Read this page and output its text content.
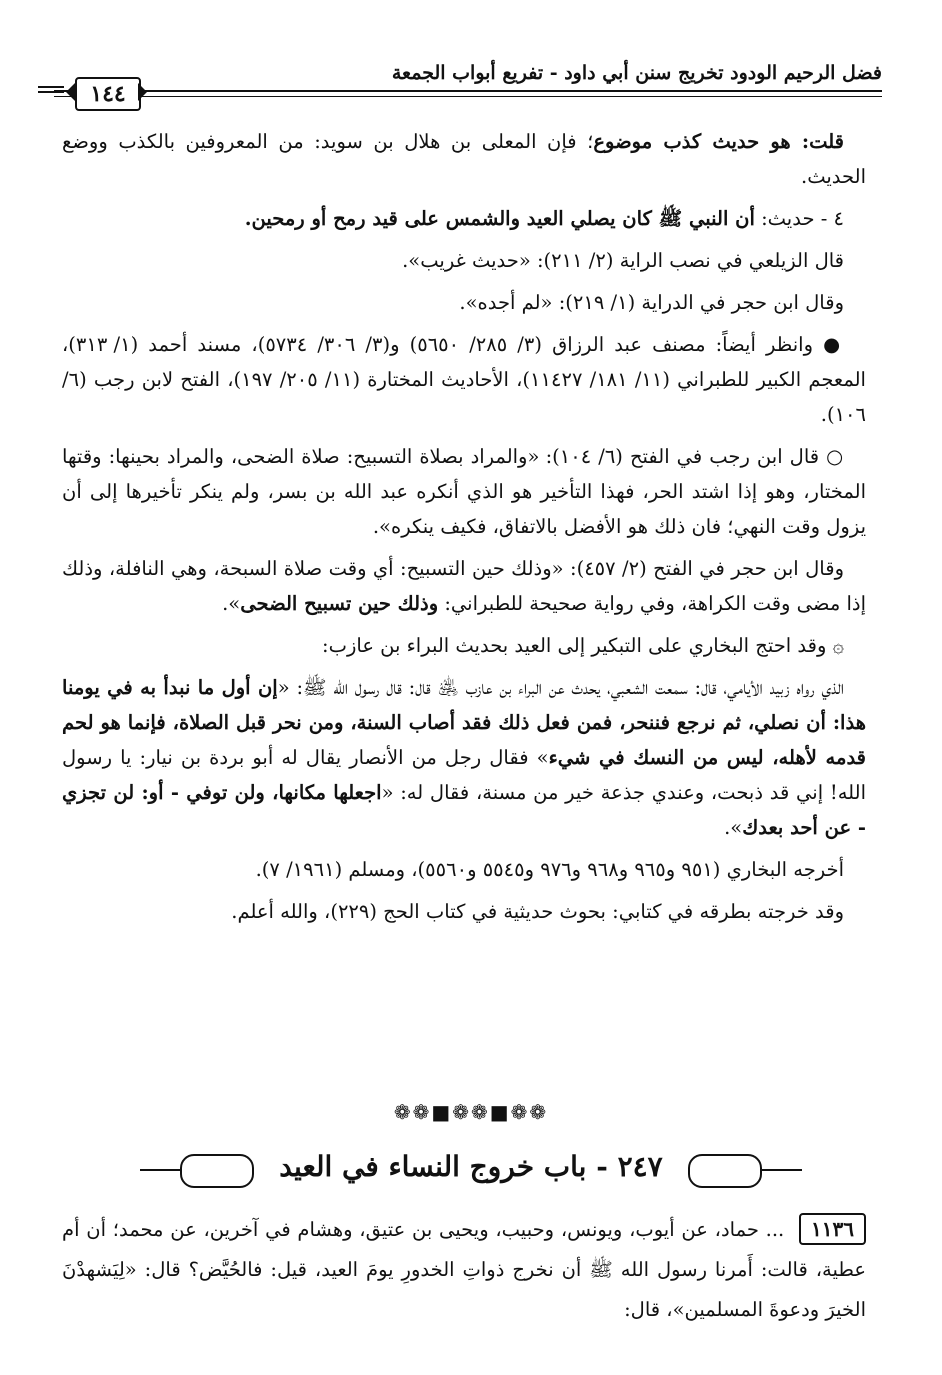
فضل الرحيم الودود تخريج سنن أبي داود - تفريع أبواب الجمعة
١٤٤

قلت: هو حديث كذب موضوع؛ فإن المعلى بن هلال بن سويد: من المعروفين بالكذب ووضع الحديث.

٤ - حديث: أن النبي ﷺ كان يصلي العيد والشمس على قيد رمح أو رمحين.

قال الزيلعي في نصب الراية (٢/ ٢١١): «حديث غريب».

وقال ابن حجر في الدراية (١/ ٢١٩): «لم أجده».

● وانظر أيضاً: مصنف عبد الرزاق (٣/ ٢٨٥/ ٥٦٥٠) و(٣/ ٣٠٦/ ٥٧٣٤)، مسند أحمد (١/ ٣١٣)، المعجم الكبير للطبراني (١١/ ١٨١/ ١١٤٢٧)، الأحاديث المختارة (١١/ ٢٠٥/ ١٩٧)، الفتح لابن رجب (٦/ ١٠٦).

○ قال ابن رجب في الفتح (٦/ ١٠٤): «والمراد بصلاة التسبيح: صلاة الضحى، والمراد بحينها: وقتها المختار، وهو إذا اشتد الحر، فهذا التأخير هو الذي أنكره عبد الله بن بسر، ولم ينكر تأخيرها إلى أن يزول وقت النهي؛ فان ذلك هو الأفضل بالاتفاق، فكيف ينكره».

وقال ابن حجر في الفتح (٢/ ٤٥٧): «وذلك حين التسبيح: أي وقت صلاة السبحة، وهي النافلة، وذلك إذا مضى وقت الكراهة، وفي رواية صحيحة للطبراني: وذلك حين تسبيح الضحى».

۞ وقد احتج البخاري على التبكير إلى العيد بحديث البراء بن عازب:

الذي رواه زبيد الأيامي، قال: سمعت الشعبي، يحدث عن البراء بن عازب ﵁ قال: قال رسول الله ﷺ: «إن أول ما نبدأ به في يومنا هذا: أن نصلي، ثم نرجع فننحر، فمن فعل ذلك فقد أصاب السنة، ومن نحر قبل الصلاة، فإنما هو لحم قدمه لأهله، ليس من النسك في شيء» فقال رجل من الأنصار يقال له أبو بردة بن نيار: يا رسول الله! إني قد ذبحت، وعندي جذعة خير من مسنة، فقال له: «اجعلها مكانها، ولن توفي - أو: لن تجزي - عن أحد بعدك».

أخرجه البخاري (٩٥١ و٩٦٥ و٩٦٨ و٩٧٦ و٥٥٤٥ و٥٥٦٠)، ومسلم (١٩٦١/ ٧).

وقد خرجته بطرقه في كتابي: بحوث حديثية في كتاب الحج (٢٢٩)، والله أعلم.

❁❁■❁❁■❁❁
٢٤٧ - باب خروج النساء في العيد

١١٣٦ ... حماد، عن أيوب، ويونس، وحبيب، ويحيى بن عتيق، وهشام في آخرين، عن محمد؛ أن أم عطية، قالت: أَمرنا رسول الله ﷺ أن نخرج ذواتِ الخدورِ يومَ العيد، قيل: فالحُيَّض؟ قال: «لِيَشهدْنَ الخيرَ ودعوةَ المسلمين»، قال:
